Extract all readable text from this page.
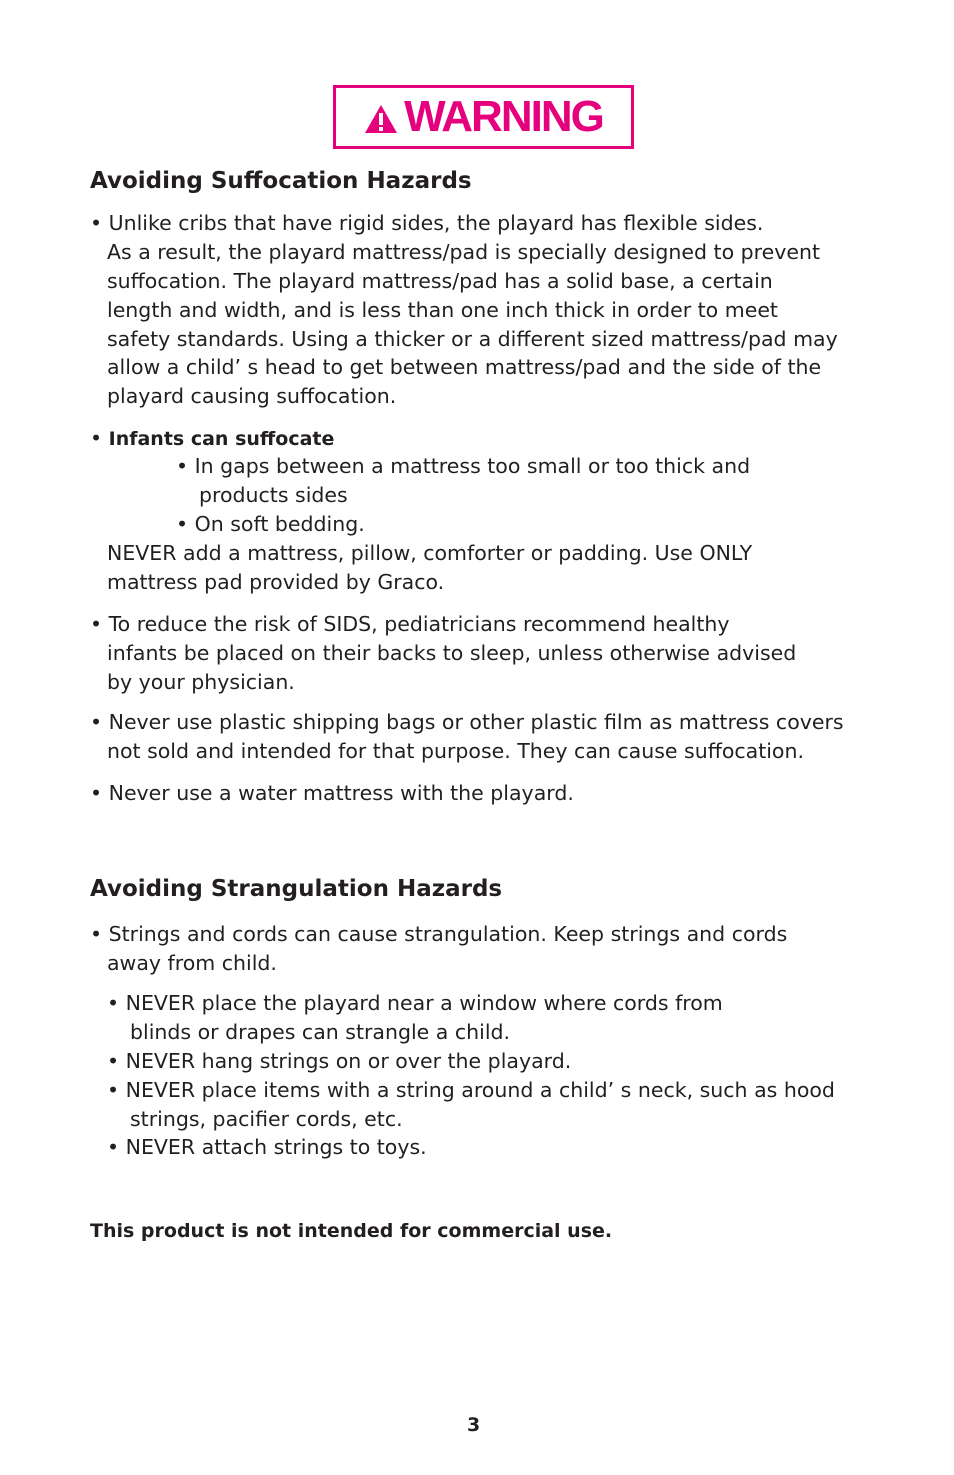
WARNING
Avoiding Suffocation Hazards
• Unlike cribs that have rigid sides, the playard has flexible sides.
As a result, the playard mattress/pad is specially designed to prevent
suffocation. The playard mattress/pad has a solid base, a certain
length and width, and is less than one inch thick in order to meet
safety standards. Using a thicker or a different sized mattress/pad may
allow a child’ s head to get between mattress/pad and the side of the
playard causing suffocation.
• Infants can suffocate
• In gaps between a mattress too small or too thick and
products sides
• On soft bedding.
NEVER add a mattress, pillow, comforter or padding. Use ONLY
mattress pad provided by Graco.
• To reduce the risk of SIDS, pediatricians recommend healthy
infants be placed on their backs to sleep, unless otherwise advised
by your physician.
• Never use plastic shipping bags or other plastic film as mattress covers
not sold and intended for that purpose. They can cause suffocation.
• Never use a water mattress with the playard.
Avoiding Strangulation Hazards
• Strings and cords can cause strangulation. Keep strings and cords
away from child.
• NEVER place the playard near a window where cords from
blinds or drapes can strangle a child.
• NEVER hang strings on or over the playard.
• NEVER place items with a string around a child’ s neck, such as hood
strings, pacifier cords, etc.
• NEVER attach strings to toys.
This product is not intended for commercial use.
3
